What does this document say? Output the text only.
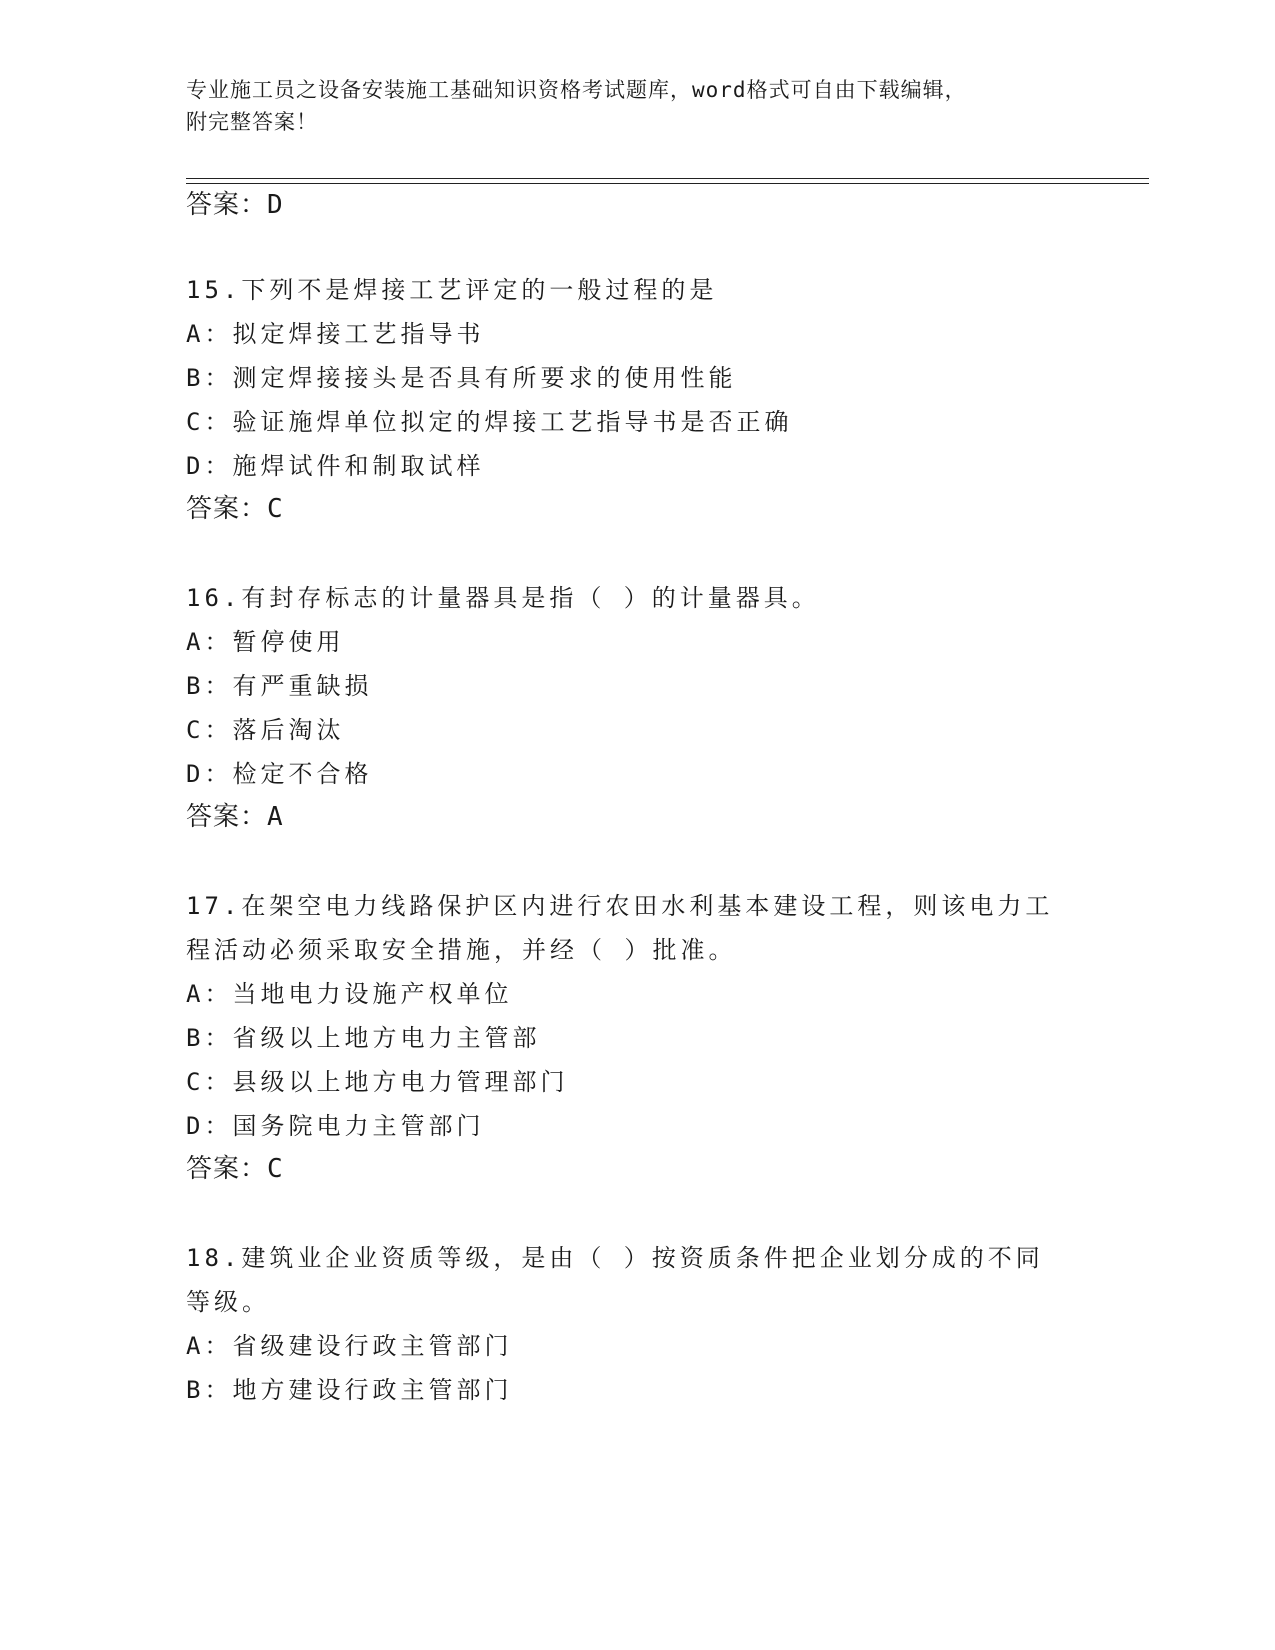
专业施工员之设备安装施工基础知识资格考试题库，word格式可自由下载编辑，
附完整答案！
答案：D
15.下列不是焊接工艺评定的一般过程的是
A：拟定焊接工艺指导书
B：测定焊接接头是否具有所要求的使用性能
C：验证施焊单位拟定的焊接工艺指导书是否正确
D：施焊试件和制取试样
答案：C
16.有封存标志的计量器具是指（ ）的计量器具。
A：暂停使用
B：有严重缺损
C：落后淘汰
D：检定不合格
答案：A
17.在架空电力线路保护区内进行农田水利基本建设工程，则该电力工
程活动必须采取安全措施，并经（ ）批准。
A：当地电力设施产权单位
B：省级以上地方电力主管部
C：县级以上地方电力管理部门
D：国务院电力主管部门
答案：C
18.建筑业企业资质等级，是由（ ）按资质条件把企业划分成的不同
等级。
A：省级建设行政主管部门
B：地方建设行政主管部门
